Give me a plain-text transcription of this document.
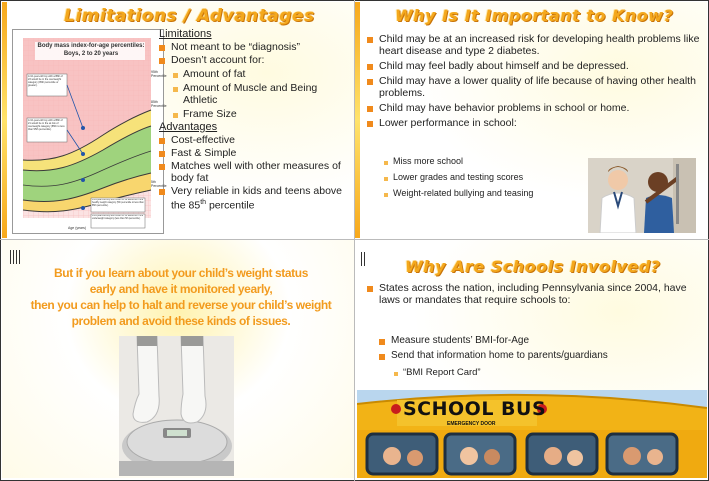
Limitations / Advantages
Body mass index-for-age percentiles:
Boys, 2 to 20 years
A 10-year-old boy with a BMI of 23 would be in the overweight category (95th percentile or greater).
A 10-year-old boy with a BMI of 21 would be in the at risk of overweight category (85th to less than 95th percentile).
A 10-year-old boy with a BMI of 18 would be in the healthy weight category (5th percentile to less than 85th percentile).
A 10-year-old boy with a BMI of 13 would be in the underweight category (less than 5th percentile).
95th Percentile
85th Percentile
5th Percentile
Age (years)
Limitations
Not meant to be “diagnosis”
Doesn’t account for:
Amount of fat
Amount of Muscle and Being Athletic
Frame Size
Advantages
Cost-effective
Fast & Simple
Matches well with other measures of body fat
Very reliable in kids and teens above the 85th percentile
Why Is It Important to Know?
Child may be at an increased risk for developing health problems like heart disease and type 2 diabetes.
Child may feel badly about himself and be depressed.
Child may have a lower quality of life because of having other health problems.
Child may have behavior problems in school or home.
Lower performance in school:
Miss more school
Lower grades and testing scores
Weight-related bullying and teasing
But if you learn about your child’s weight status
early and have it monitored yearly,
then you can help to halt and reverse your child’s weight
problem and avoid these kinds of issues.
Why Are Schools Involved?
States across the nation, including Pennsylvania since 2004, have laws or mandates that require schools to:
Measure students’ BMI-for-Age
Send that information home to parents/guardians
“BMI Report Card”
SCHOOL BUS
EMERGENCY DOOR
